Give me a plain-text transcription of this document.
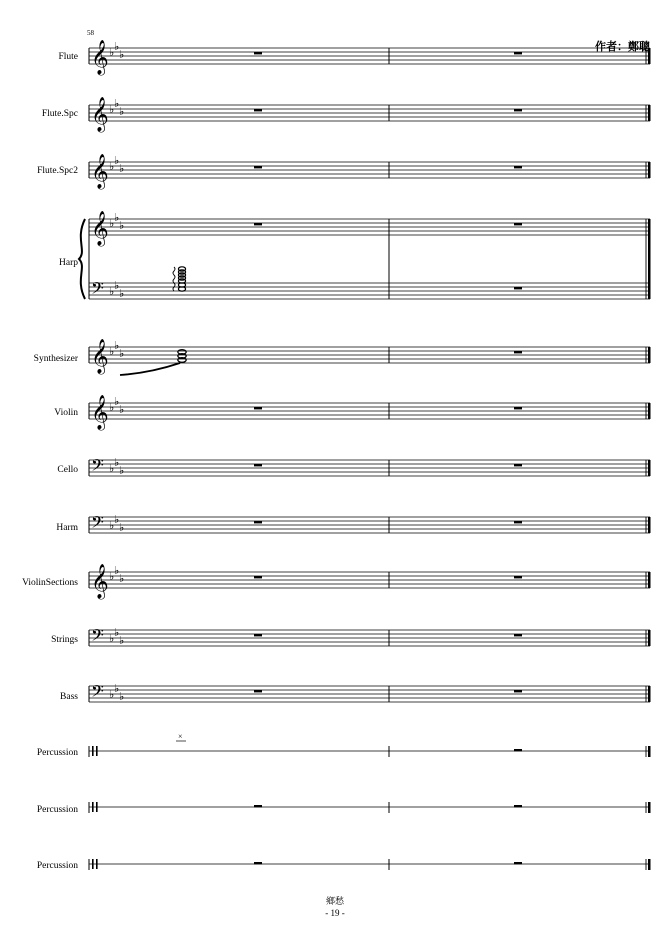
𝄞 ♭ ♭
♭
𝄞 ♭ ♭
♭
𝄞 ♭ ♭
♭
𝄞 ♭ ♭
♭
𝄢 ♭ ♭
♭
𝄞 ♭ ♭
♭
𝄞 ♭ ♭
♭
𝄢 ♭ ♭
♭
𝄢 ♭ ♭
♭
𝄞 ♭ ♭
♭
𝄢 ♭ ♭
♭
𝄢 ♭ ♭
♭
×
58
作者：鄭聰
Flute
Flute.Spc
Flute.Spc2
Harp
Synthesizer
Violin
Cello
Harm
ViolinSections
Strings
Bass
Percussion
Percussion
Percussion
鄉愁
- 19 -
